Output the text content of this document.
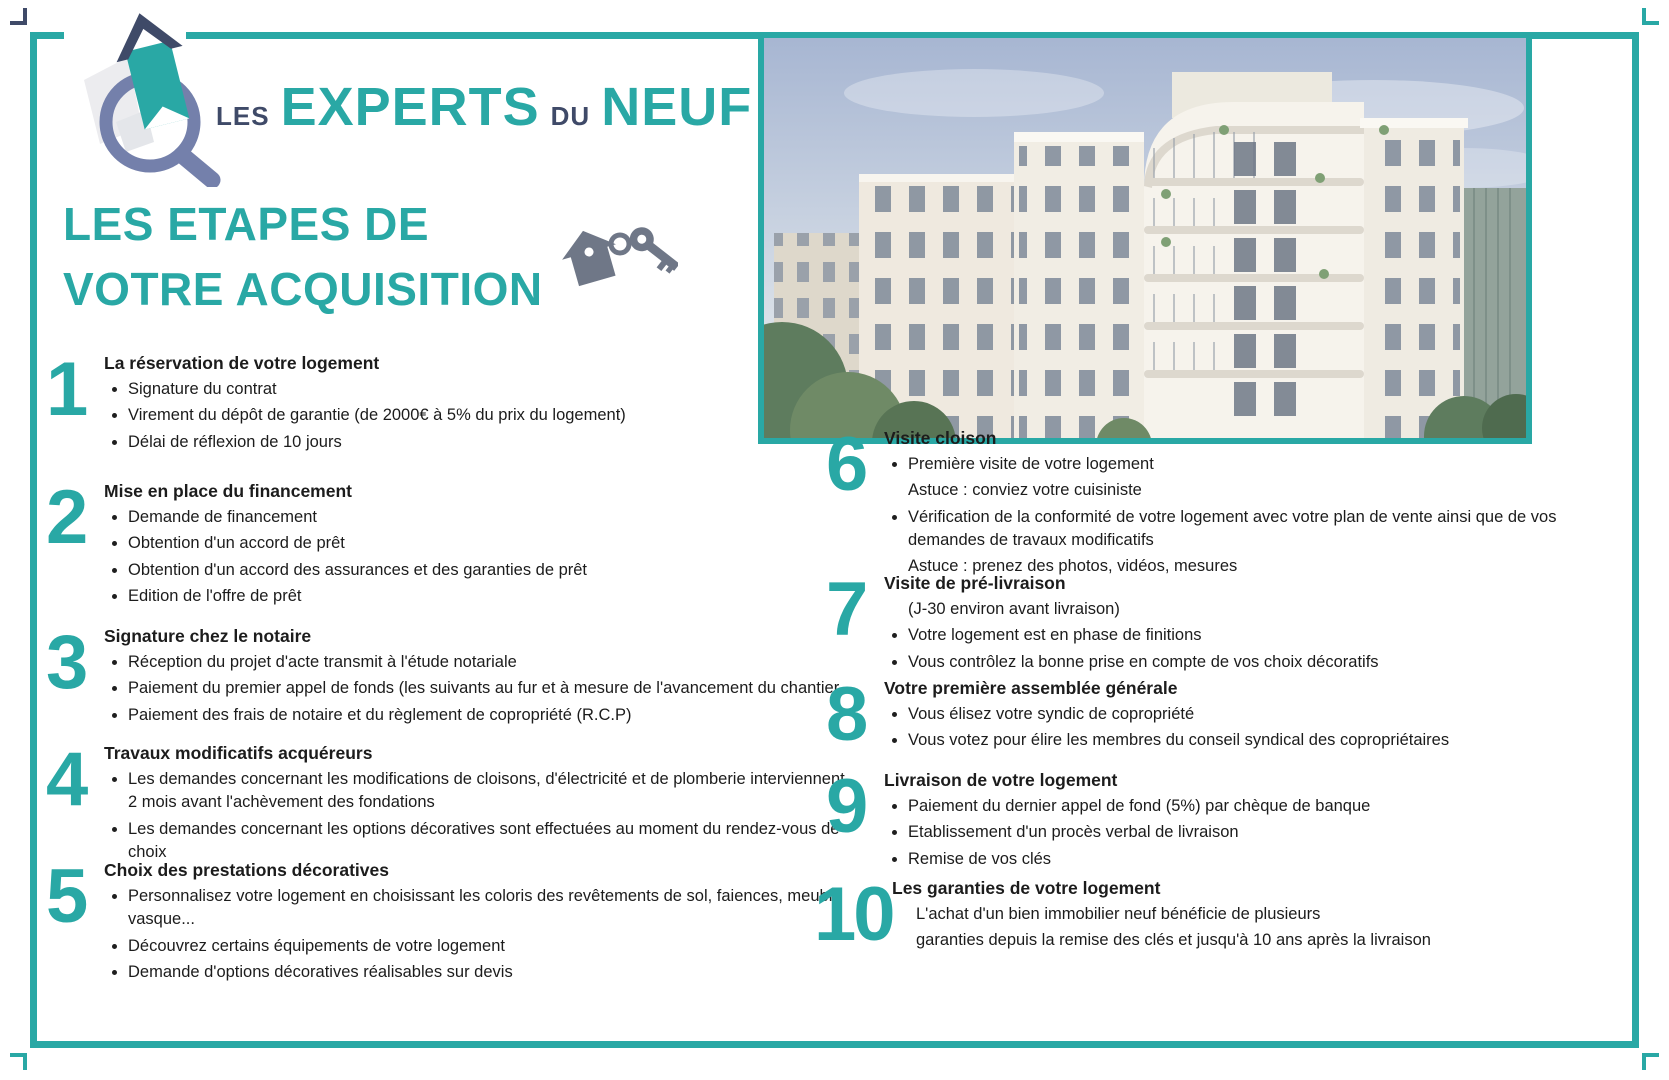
LES EXPERTS DU NEUF
LES ETAPES DE
VOTRE ACQUISITION
1	La réservation de votre logement
Signature du contrat
Virement du dépôt de garantie (de 2000€ à 5% du prix du logement)
Délai de réflexion de 10 jours
2	Mise en place du financement
Demande de financement
Obtention d'un accord de prêt
Obtention d'un accord des assurances et des garanties de prêt
Edition de l'offre de prêt
3	Signature chez le notaire
Réception du projet d'acte transmit à l'étude notariale
Paiement du premier appel de fonds (les suivants au fur et à mesure de l'avancement du chantier
Paiement des frais de notaire et du règlement de copropriété (R.C.P)
4	Travaux modificatifs acquéreurs
Les demandes concernant les modifications de cloisons, d'électricité et de plomberie interviennent 2 mois avant l'achèvement des fondations
Les demandes concernant les options décoratives sont effectuées au moment du rendez-vous de choix
5	Choix des prestations décoratives
Personnalisez votre logement en choisissant les coloris des revêtements de sol, faiences, meuble vasque...
Découvrez certains équipements de votre logement
Demande d'options décoratives réalisables sur devis
6	Visite cloison
Première visite de votre logement
Astuce : conviez votre cuisiniste
Vérification de la conformité de votre logement avec votre plan de vente ainsi que de vos demandes de travaux modificatifs
Astuce : prenez des photos, vidéos, mesures
7	Visite de pré-livraison
(J-30 environ avant livraison)
Votre logement est en phase de finitions
Vous contrôlez la bonne prise en compte de vos choix décoratifs
8	Votre première assemblée générale
Vous élisez votre syndic de copropriété
Vous votez pour élire les membres du conseil syndical des copropriétaires
9	Livraison de votre logement
Paiement du dernier appel de fond (5%) par chèque de banque
Etablissement d'un procès verbal de livraison
Remise de vos clés
10 Les garanties de votre logement
L'achat d'un bien immobilier neuf bénéficie de plusieurs
garanties depuis la remise des clés et jusqu'à 10 ans après la livraison
